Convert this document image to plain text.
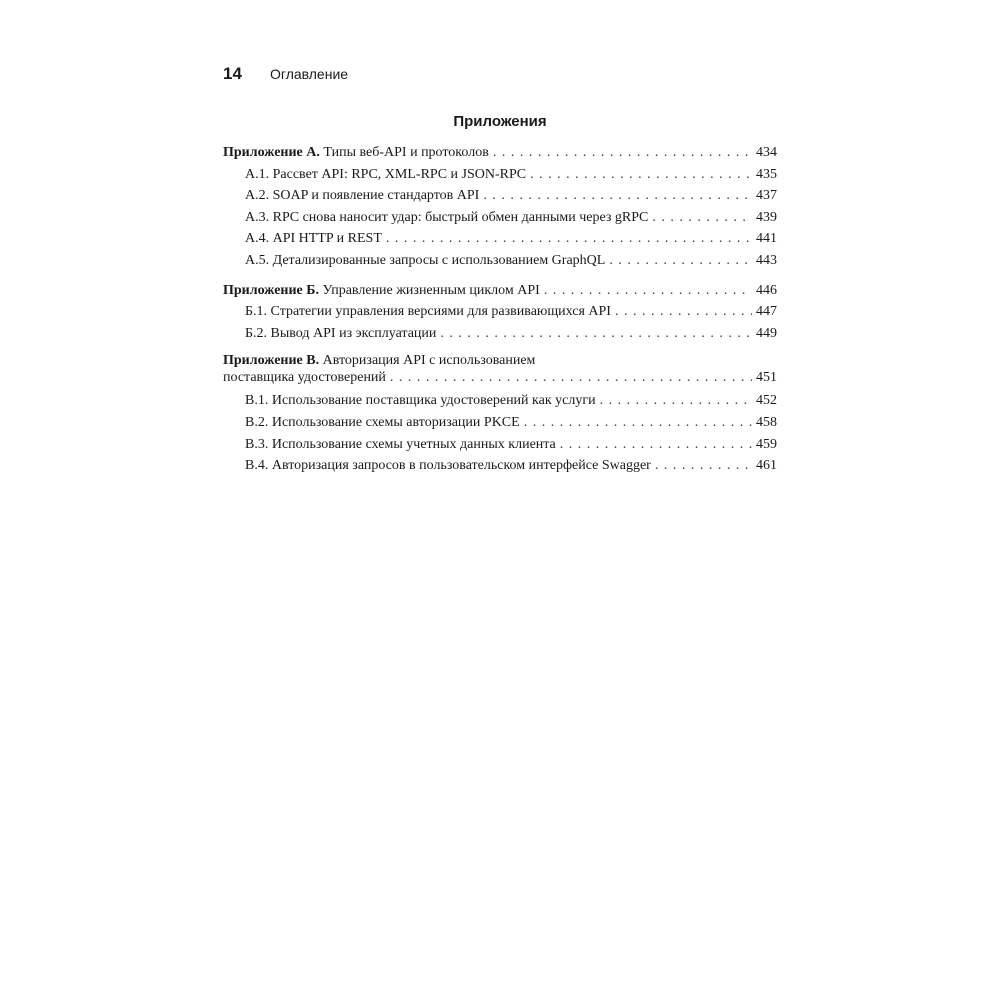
14	Оглавление
Приложения
Приложение А. Типы веб-API и протоколов . . .	434
А.1. Рассвет API: RPC, XML-RPC и JSON-RPC . . .	435
А.2. SOAP и появление стандартов API . . .	437
А.3. RPC снова наносит удар: быстрый обмен данными через gRPC . . .	439
А.4. API HTTP и REST . . .	441
А.5. Детализированные запросы с использованием GraphQL . . .	443
Приложение Б. Управление жизненным циклом API . . .	446
Б.1. Стратегии управления версиями для развивающихся API . . .	447
Б.2. Вывод API из эксплуатации . . .	449
Приложение В. Авторизация API с использованием
поставщика удостоверений . . .	451
В.1. Использование поставщика удостоверений как услуги . . .	452
В.2. Использование схемы авторизации PKCE . . .	458
В.3. Использование схемы учетных данных клиента . . .	459
В.4. Авторизация запросов в пользовательском интерфейсе Swagger . . .	461
